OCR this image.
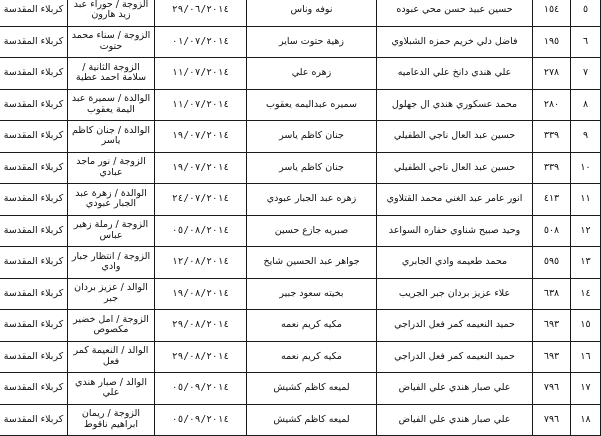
٥	١٥٤	حسين عبيد حسن محي عبوده	نوفه وناس	٢٩/٠٦/٢٠١٤	الزوجة / حوراء عبد زيد هارون	كربلاء المقدسة
٦	١٩٥	فاضل دلي خريم حمزه الشبلاوي	زهية حتوت ساير	٠١/٠٧/٢٠١٤	الزوجة / سناء محمد حتوت	كربلاء المقدسة
٧	٢٧٨	علي هندي دانخ علي الدعاميه	زهره علي	١١/٠٧/٢٠١٤	الزوجة الثانية / سلامة احمد عطية	كربلاء المقدسة
٨	٢٨٠	محمد عسكوري هندي ال جهلول	سميره عبداليمه يعقوب	١١/٠٧/٢٠١٤	الوالدة / سميرة عبد اليمة يعقوب	كربلاء المقدسة
٩	٣٣٩	حسين عبد العال ناجي الطفيلي	جنان كاظم ياسر	١٩/٠٧/٢٠١٤	الوالدة / جنان كاظم ياسر	كربلاء المقدسة
١٠	٣٣٩	حسين عبد العال ناجي الطفيلي	جنان كاظم ياسر	١٩/٠٧/٢٠١٤	الزوجة / نور ماجد عبادي	كربلاء المقدسة
١١	٤١٣	انور عامر عبد الغني محمد القتلاوي	زهره عبد الجبار عبودي	٢٤/٠٧/٢٠١٤	الوالدة / زهرة عبد الجبار عبودي	كربلاء المقدسة
١٢	٥٠٨	وحيد صبيح شناوي حفاره السواعد	صبريه جازع حسين	٠٥/٠٨/٢٠١٤	الزوجة / رملة زهير عباس	كربلاء المقدسة
١٣	٥٩٥	محمد طعيمه وادي الجابري	جواهر عبد الحسين شايخ	١٢/٠٨/٢٠١٤	الزوجة / انتظار جبار وادي	كربلاء المقدسة
١٤	٦٣٨	علاء عزيز بردان جبر الجريب	بخيته سعود جبير	١٩/٠٨/٢٠١٤	الوالد / عزيز بردان جبر	كربلاء المقدسة
١٥	٦٩٣	حميد النعيمه كمر فعل الدراجي	مكيه كريم نعمه	٢٩/٠٨/٢٠١٤	الزوجة / امل خضير مكصوص	كربلاء المقدسة
١٦	٦٩٣	حميد النعيمه كمر فعل الدراجي	مكيه كريم نعمه	٢٩/٠٨/٢٠١٤	الوالد / النعيمة كمر فعل	كربلاء المقدسة
١٧	٧٩٦	علي صبار هندي علي الفياض	لميعه كاظم كشيش	٠٥/٠٩/٢٠١٤	الوالد / صبار هندي علي	كربلاء المقدسة
١٨	٧٩٦	علي صبار هندي علي الفياض	لميعه كاظم كشيش	٠٥/٠٩/٢٠١٤	الزوجة / ريمان ابراهيم ناقوط	كربلاء المقدسة
